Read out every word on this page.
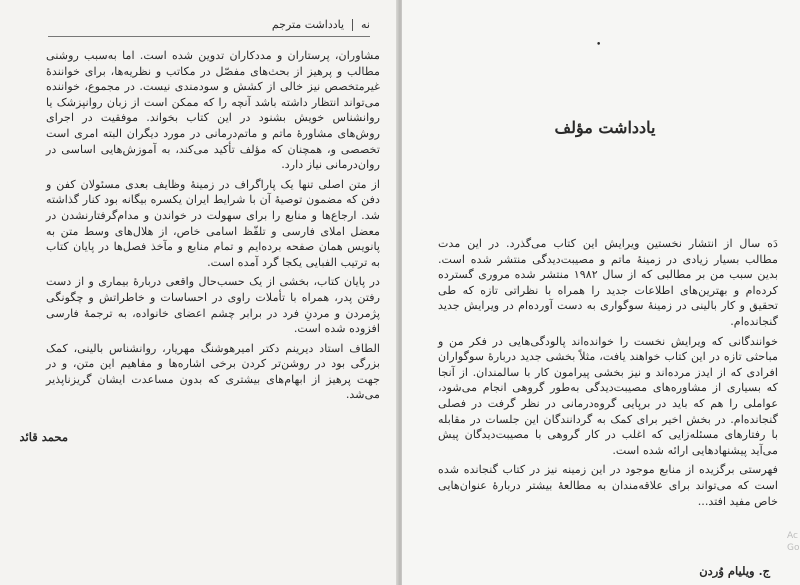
نه
یادداشت مترجم

مشاوران، پرستاران و مددکاران تدوین شده است. اما به‌سبب روشنی مطالب و پرهیز از بحث‌های مفصّل در مکاتب و نظریه‌ها، برای خوانندهٔ غیرمتخصص نیز خالی از کشش و سودمندی نیست. در مجموع، خواننده می‌تواند انتظار داشته باشد آنچه را که ممکن است از زبان روانپزشک یا روانشناس خویش بشنود در این کتاب بخواند. موفقیت در اجرای روش‌های مشاورهٔ ماتم و ماتم‌درمانی در مورد دیگران البته امری است تخصصی و، همچنان که مؤلف تأکید می‌کند، به آموزش‌هایی اساسی در روان‌درمانی نیاز دارد.

از متن اصلی تنها یک پاراگراف در زمینهٔ وظایف بعدی مسئولان کفن و دفن که مضمون توصیهٔ آن با شرایط ایران یکسره بیگانه بود کنار گذاشته شد. ارجاع‌ها و منابع را برای سهولت در خواندن و مدام‌گرفتارنشدن در معضل املای فارسی و تلفّظ اسامی خاص، از هلال‌های وسط متن به پانویس همان صفحه برده‌ایم و تمام منابع و مآخذ فصل‌ها در پایان کتاب به ترتیب الفبایی یکجا گرد آمده است.

در پایان کتاب، بخشی از یک حسب‌حال واقعی دربارهٔ بیماری و از دست رفتن پدر، همراه با تأملات راوی در احساسات و خاطراتش و چگونگی پژمردن و مردنِ فرد در برابر چشم اعضای خانواده، به ترجمهٔ فارسی افزوده شده است.

الطاف استاد دیرینم دکتر امیرهوشنگ مهریار، روانشناس بالینی، کمک بزرگی بود در روشن‌تر کردن برخی اشاره‌ها و مفاهیم این متن، و در جهت پرهیز از ابهام‌های بیشتری که بدون مساعدت ایشان گریزناپذیر می‌شد.

محمد قائد
•
یادداشت مؤلف

دَه سال از انتشار نخستین ویرایش این کتاب می‌گذرد. در این مدت مطالب بسیار زیادی در زمینهٔ ماتم و مصیبت‌دیدگی منتشر شده است. بدین سبب من بر مطالبی که از سال ۱۹۸۲ منتشر شده مروری گسترده کرده‌ام و بهترین‌های اطلاعات جدید را همراه با نظراتی تازه که طی تحقیق و کار بالینی در زمینهٔ سوگواری به دست آورده‌ام در ویرایش جدید گنجانده‌ام.

خوانندگانی که ویرایش نخست را خوانده‌اند پالودگی‌هایی در فکر من و مباحثی تازه در این کتاب خواهند یافت، مثلاً بخشی جدید دربارهٔ سوگواران افرادی که از ایدز مرده‌اند و نیز بخشی پیرامون کار با سالمندان. از آنجا که بسیاری از مشاوره‌های مصیبت‌دیدگی به‌طور گروهی انجام می‌شود، عواملی را هم که باید در برپایی گروه‌درمانی در نظر گرفت در فصلی گنجانده‌ام. در بخش اخیر برای کمک به گردانندگان این جلسات در مقابله با رفتارهای مسئله‌زایی که اغلب در کار گروهی با مصیبت‌دیدگان پیش می‌آید پیشنهادهایی ارائه شده است.

فهرستی برگزیده از منابع موجود در این زمینه نیز در کتاب گنجانده شده است که می‌تواند برای علاقه‌مندان به مطالعهٔ بیشتر دربارهٔ عنوان‌هایی خاص مفید افتد...

ج. ویلیام وُردن
Ac
Go
